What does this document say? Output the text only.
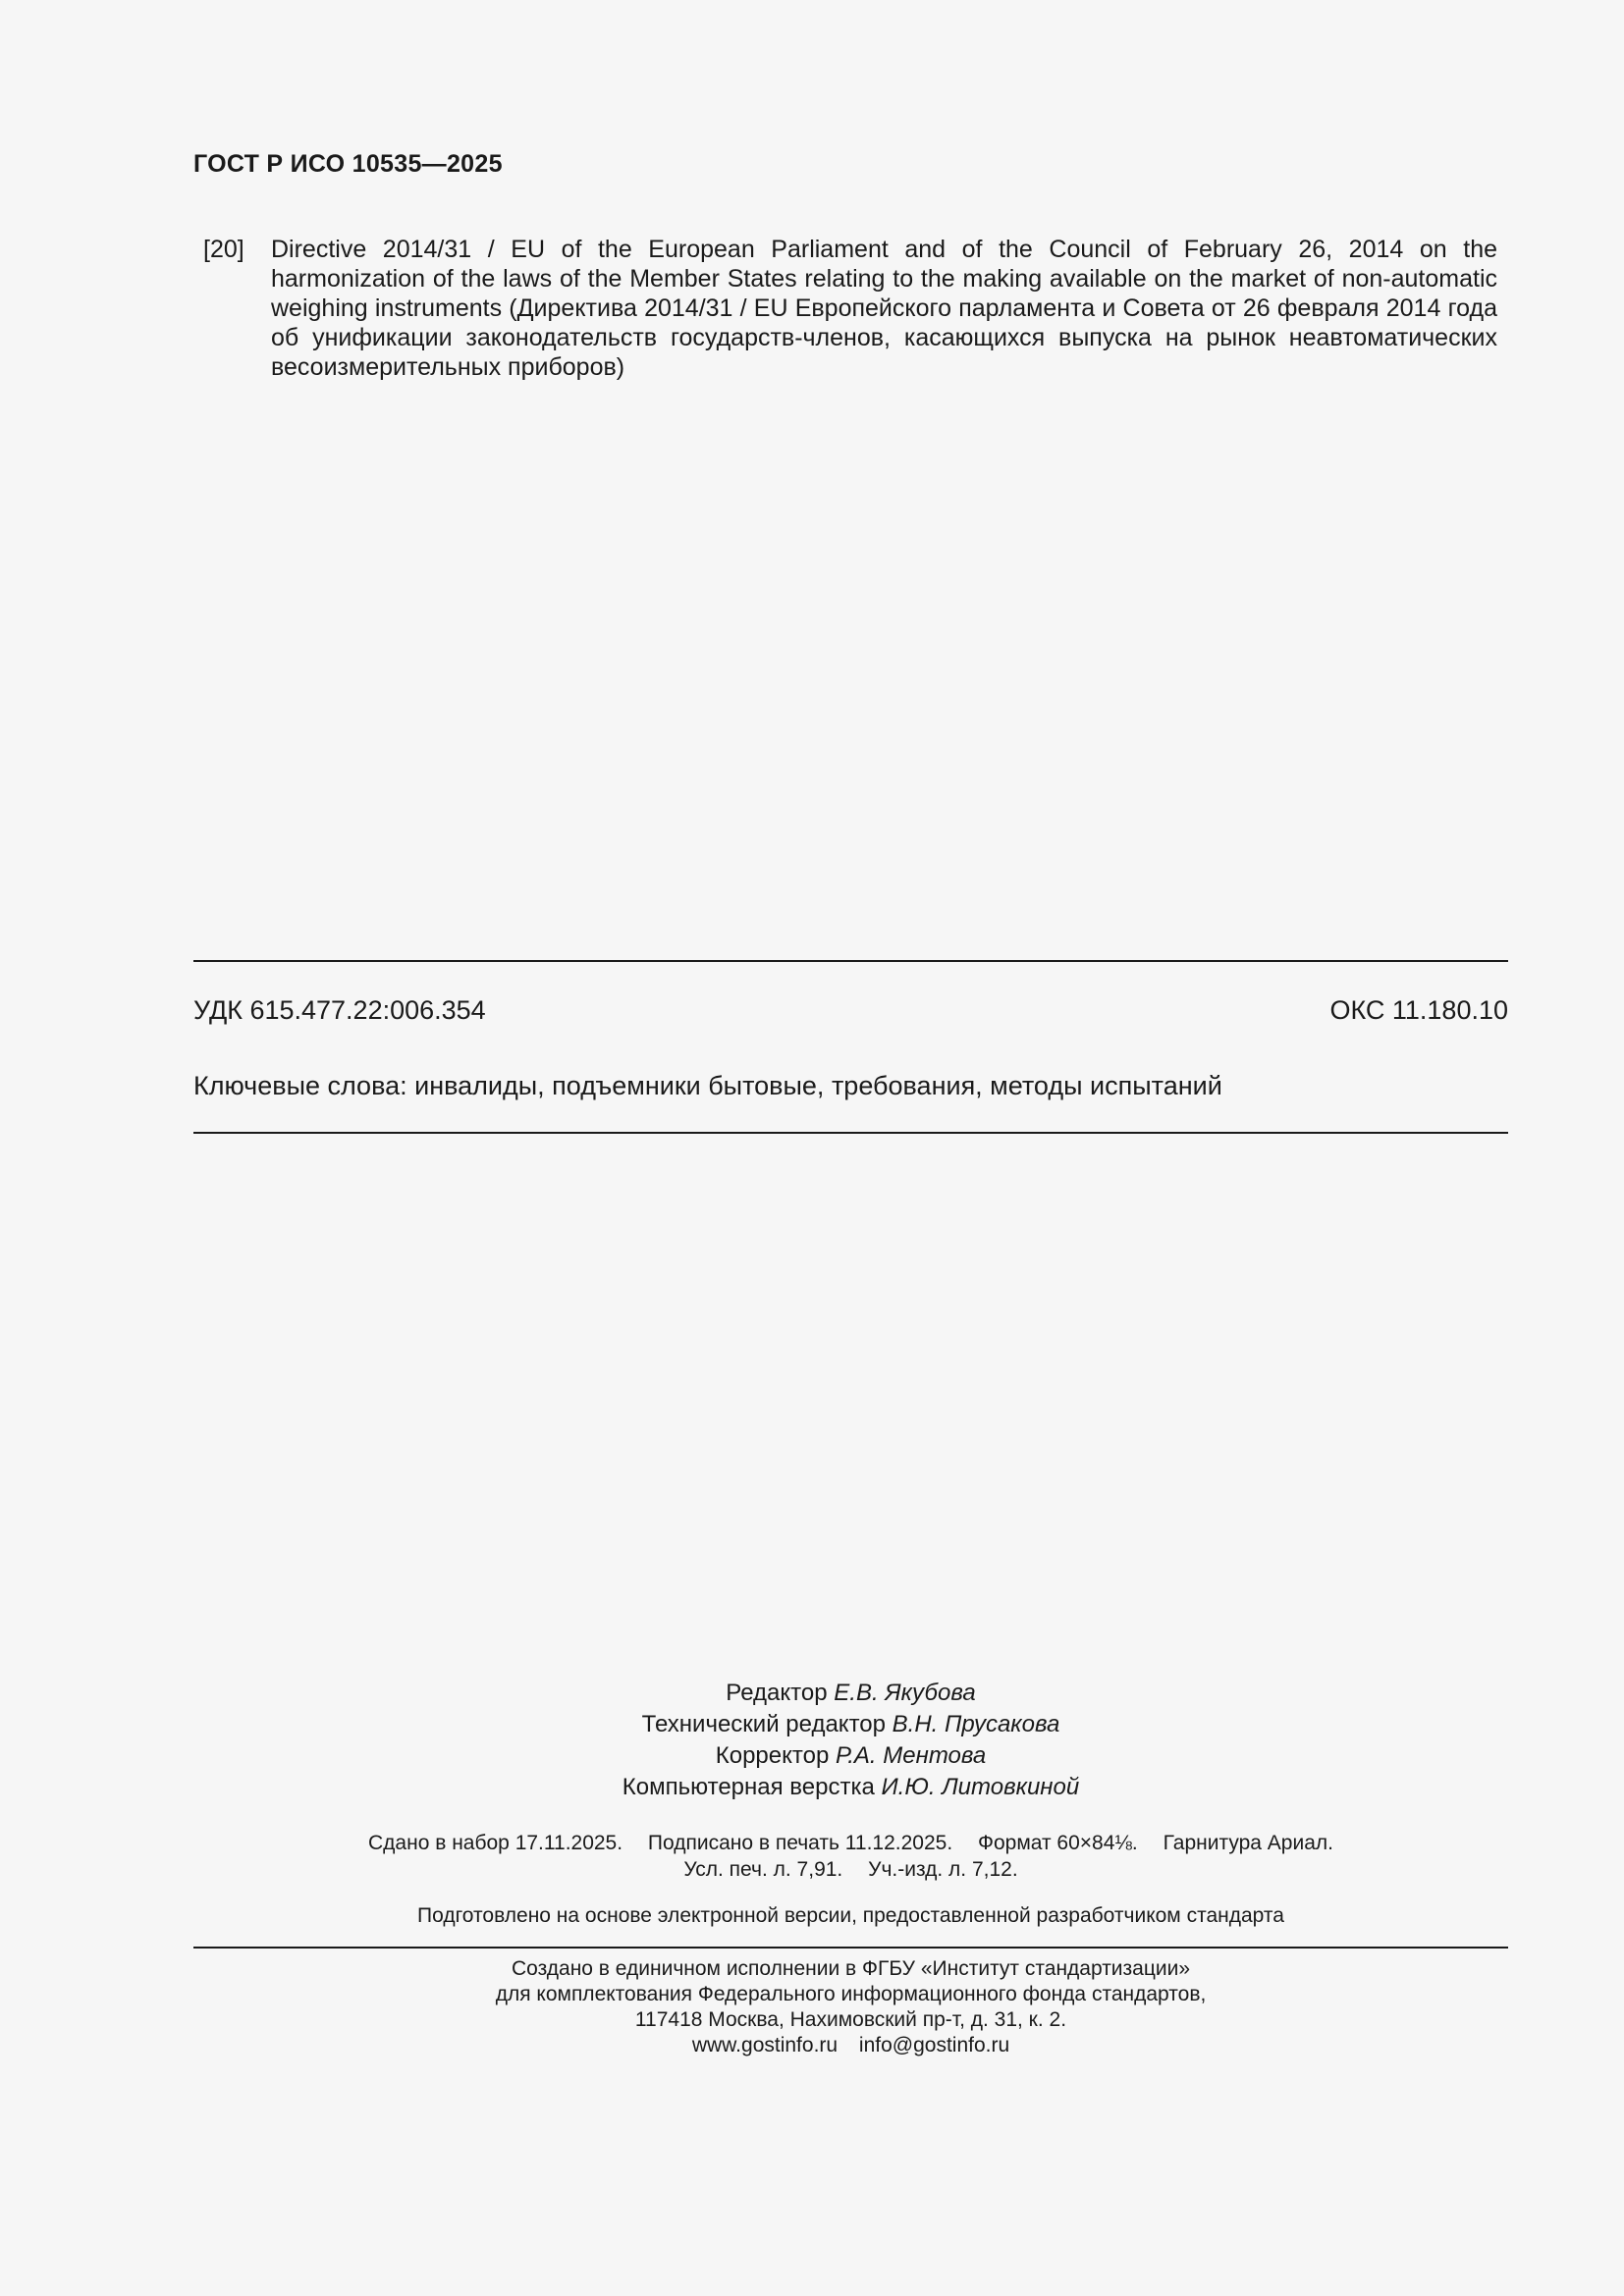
ГОСТ Р ИСО 10535—2025
[20]	Directive 2014/31 / EU of the European Parliament and of the Council of February 26, 2014 on the harmonization of the laws of the Member States relating to the making available on the market of non-automatic weighing instruments (Директива 2014/31 / EU Европейского парламента и Совета от 26 февраля 2014 года об унификации законодательств государств-членов, касающихся выпуска на рынок неавтоматических весоизмерительных приборов)
УДК 615.477.22:006.354	ОКС 11.180.10
Ключевые слова: инвалиды, подъемники бытовые, требования, методы испытаний
Редактор Е.В. Якубова
Технический редактор В.Н. Прусакова
Корректор Р.А. Ментова
Компьютерная верстка И.Ю. Литовкиной
Сдано в набор 17.11.2025. Подписано в печать 11.12.2025. Формат 60×84⅛. Гарнитура Ариал.
Усл. печ. л. 7,91. Уч.-изд. л. 7,12.
Подготовлено на основе электронной версии, предоставленной разработчиком стандарта
Создано в единичном исполнении в ФГБУ «Институт стандартизации»
для комплектования Федерального информационного фонда стандартов,
117418 Москва, Нахимовский пр-т, д. 31, к. 2.
www.gostinfo.ru info@gostinfo.ru
